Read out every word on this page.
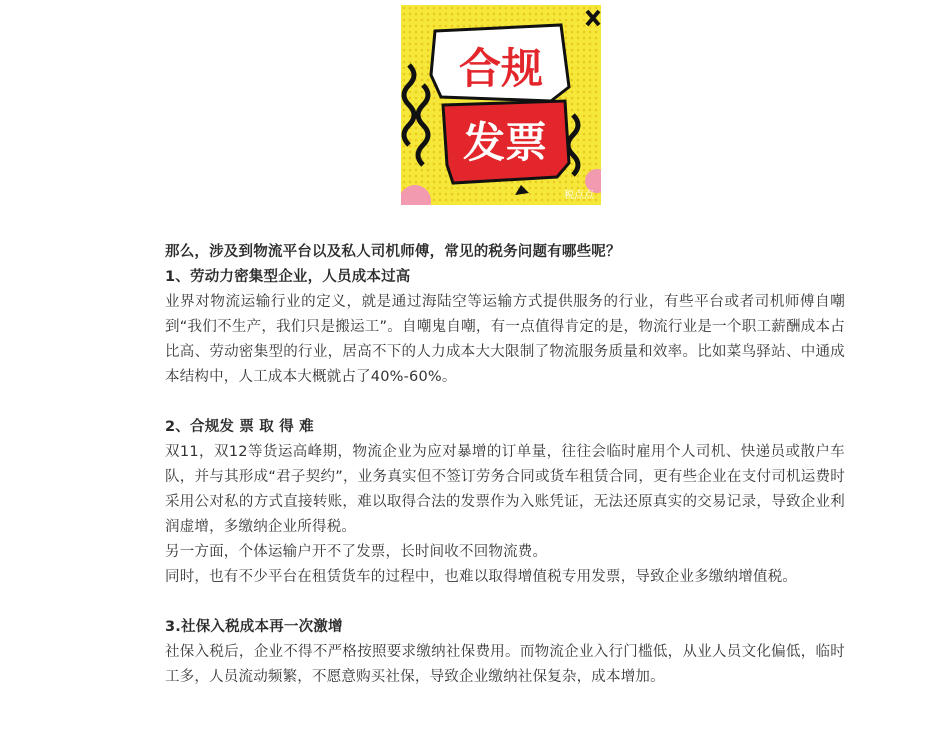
合规
发票
税点点

那么，涉及到物流平台以及私人司机师傅，常见的税务问题有哪些呢？

1、劳动力密集型企业，人员成本过高

业界对物流运输行业的定义，就是通过海陆空等运输方式提供服务的行业，有些平台或者司机师傅自嘲到“我们不生产，我们只是搬运工”。自嘲鬼自嘲，有一点值得肯定的是，物流行业是一个职工薪酬成本占比高、劳动密集型的行业，居高不下的人力成本大大限制了物流服务质量和效率。比如菜鸟驿站、中通成本结构中，人工成本大概就占了40%-60%。

2、合规发 票 取 得 难

双11，双12等货运高峰期，物流企业为应对暴增的订单量，往往会临时雇用个人司机、快递员或散户车队，并与其形成“君子契约”，业务真实但不签订劳务合同或货车租赁合同，更有些企业在支付司机运费时采用公对私的方式直接转账，难以取得合法的发票作为入账凭证，无法还原真实的交易记录，导致企业利润虚增，多缴纳企业所得税。

另一方面，个体运输户开不了发票，长时间收不回物流费。

同时，也有不少平台在租赁货车的过程中，也难以取得增值税专用发票，导致企业多缴纳增值税。

3.社保入税成本再一次激增

社保入税后，企业不得不严格按照要求缴纳社保费用。而物流企业入行门槛低，从业人员文化偏低，临时工多，人员流动频繁，不愿意购买社保，导致企业缴纳社保复杂，成本增加。
